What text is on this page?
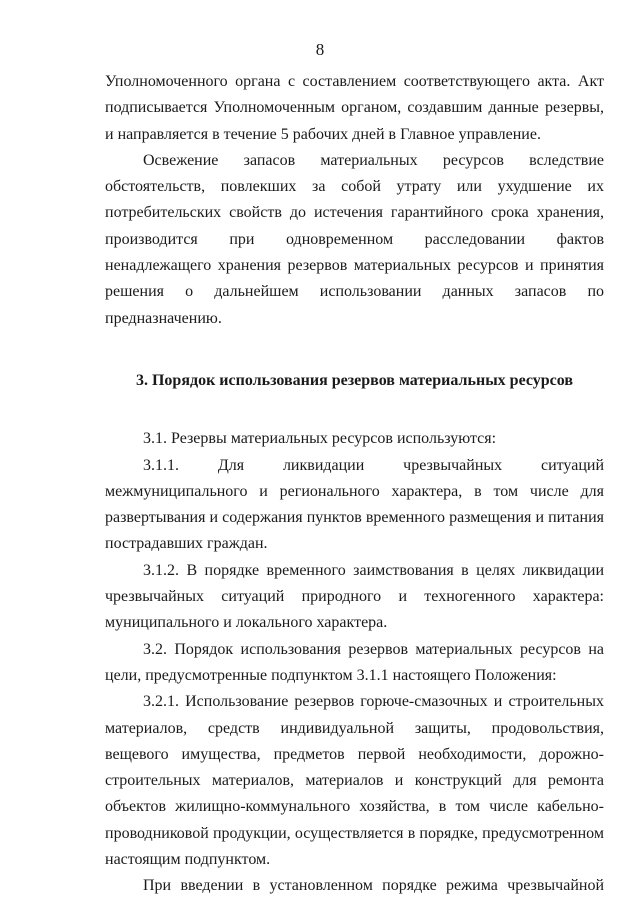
8

Уполномоченного органа с составлением соответствующего акта. Акт подписывается Уполномоченным органом, создавшим данные резервы, и направляется в течение 5 рабочих дней в Главное управление.

Освежение запасов материальных ресурсов вследствие обстоятельств, повлекших за собой утрату или ухудшение их потребительских свойств до истечения гарантийного срока хранения, производится при одновременном расследовании фактов ненадлежащего хранения резервов материальных ресурсов и принятия решения о дальнейшем использовании данных запасов по предназначению.

3. Порядок использования резервов материальных ресурсов

3.1. Резервы материальных ресурсов используются:

3.1.1. Для ликвидации чрезвычайных ситуаций межмуниципального и регионального характера, в том числе для развертывания и содержания пунктов временного размещения и питания пострадавших граждан.

3.1.2. В порядке временного заимствования в целях ликвидации чрезвычайных ситуаций природного и техногенного характера: муниципального и локального характера.

3.2. Порядок использования резервов материальных ресурсов на цели, предусмотренные подпунктом 3.1.1 настоящего Положения:

3.2.1. Использование резервов горюче-смазочных и строительных материалов, средств индивидуальной защиты, продовольствия, вещевого имущества, предметов первой необходимости, дорожно-строительных материалов, материалов и конструкций для ремонта объектов жилищно-коммунального хозяйства, в том числе кабельно-проводниковой продукции, осуществляется в порядке, предусмотренном настоящим подпунктом.

При введении в установленном порядке режима чрезвычайной
